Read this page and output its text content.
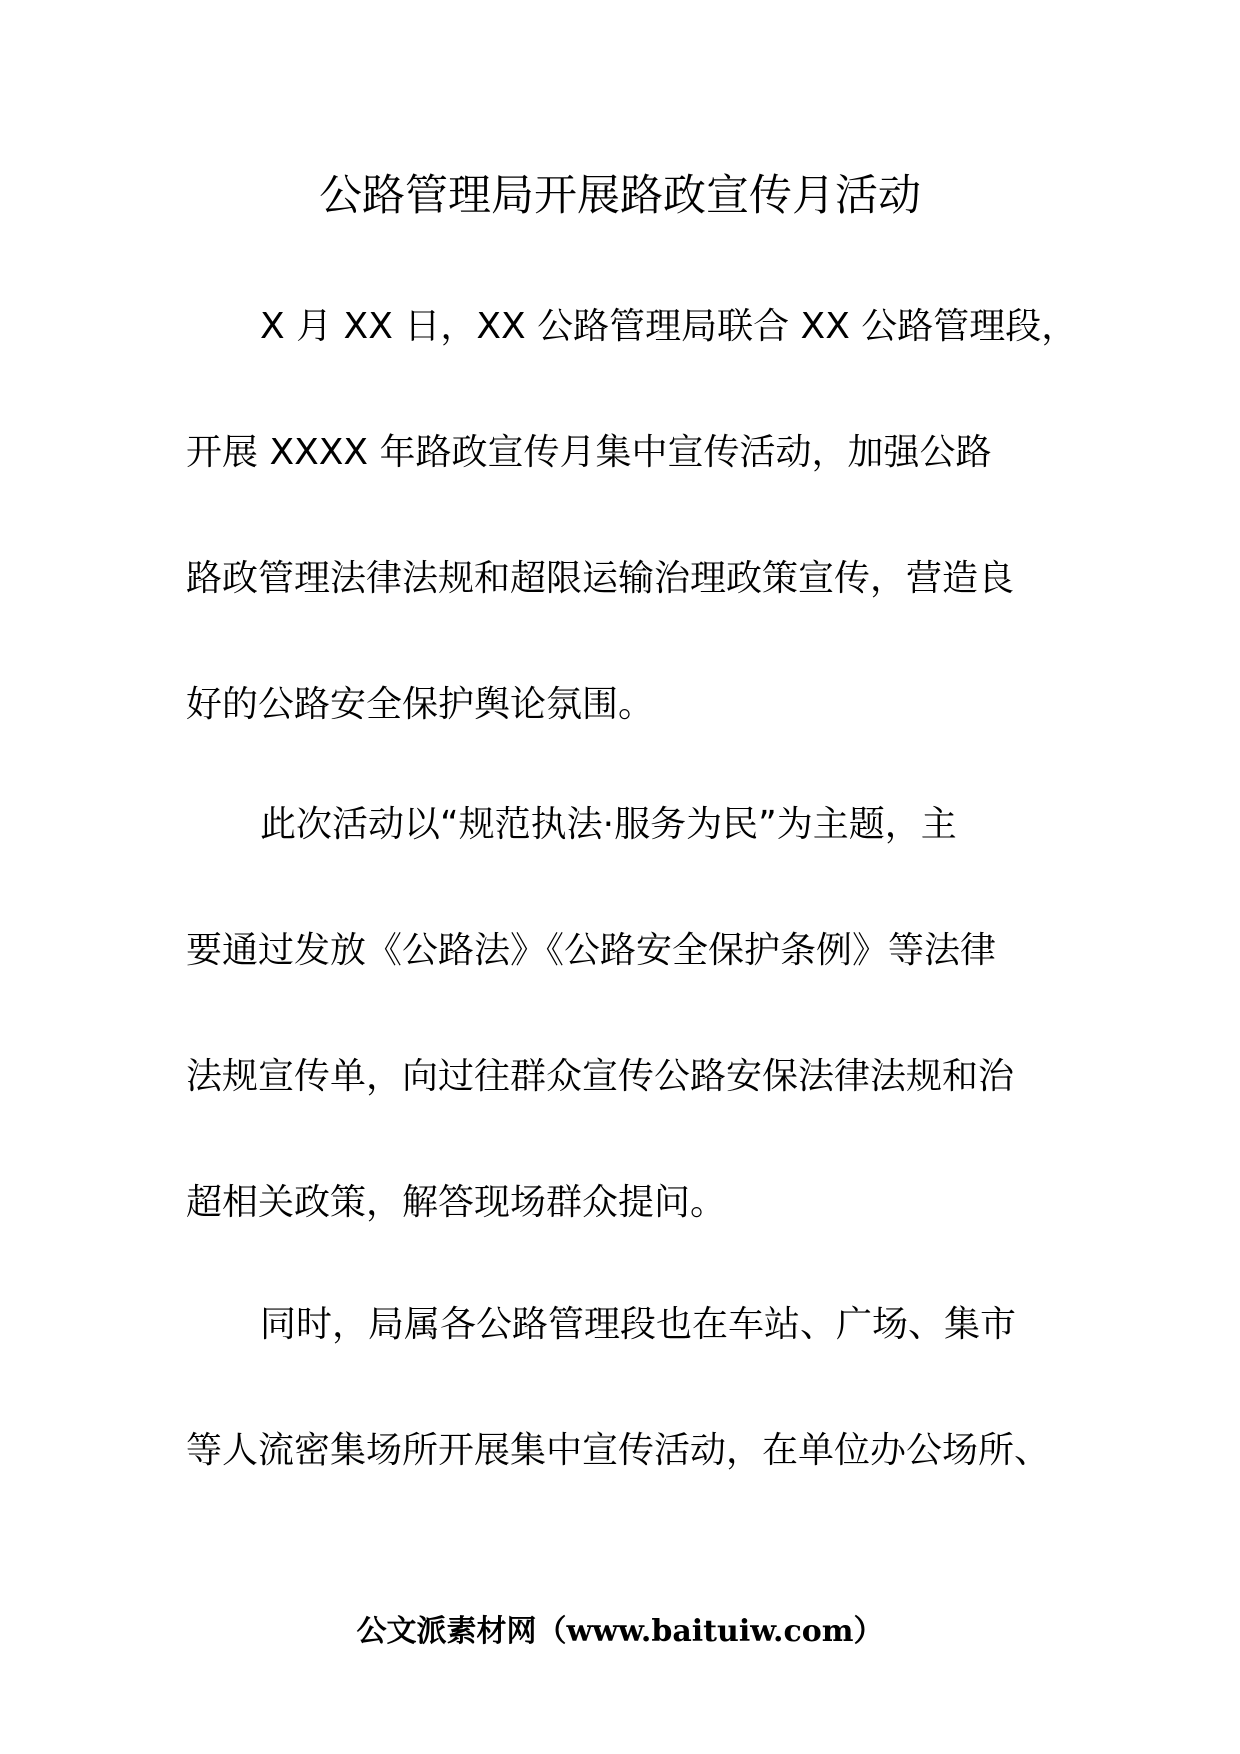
公路管理局开展路政宣传月活动
X 月 XX 日，XX 公路管理局联合 XX 公路管理段，
开展 XXXX 年路政宣传月集中宣传活动，加强公路
路政管理法律法规和超限运输治理政策宣传，营造良
好的公路安全保护舆论氛围。
此次活动以“规范执法·服务为民”为主题，主
要通过发放《公路法》《公路安全保护条例》等法律
法规宣传单，向过往群众宣传公路安保法律法规和治
超相关政策，解答现场群众提问。
同时，局属各公路管理段也在车站、广场、集市
等人流密集场所开展集中宣传活动，在单位办公场所、
公文派素材网（www.baituiw.com）
